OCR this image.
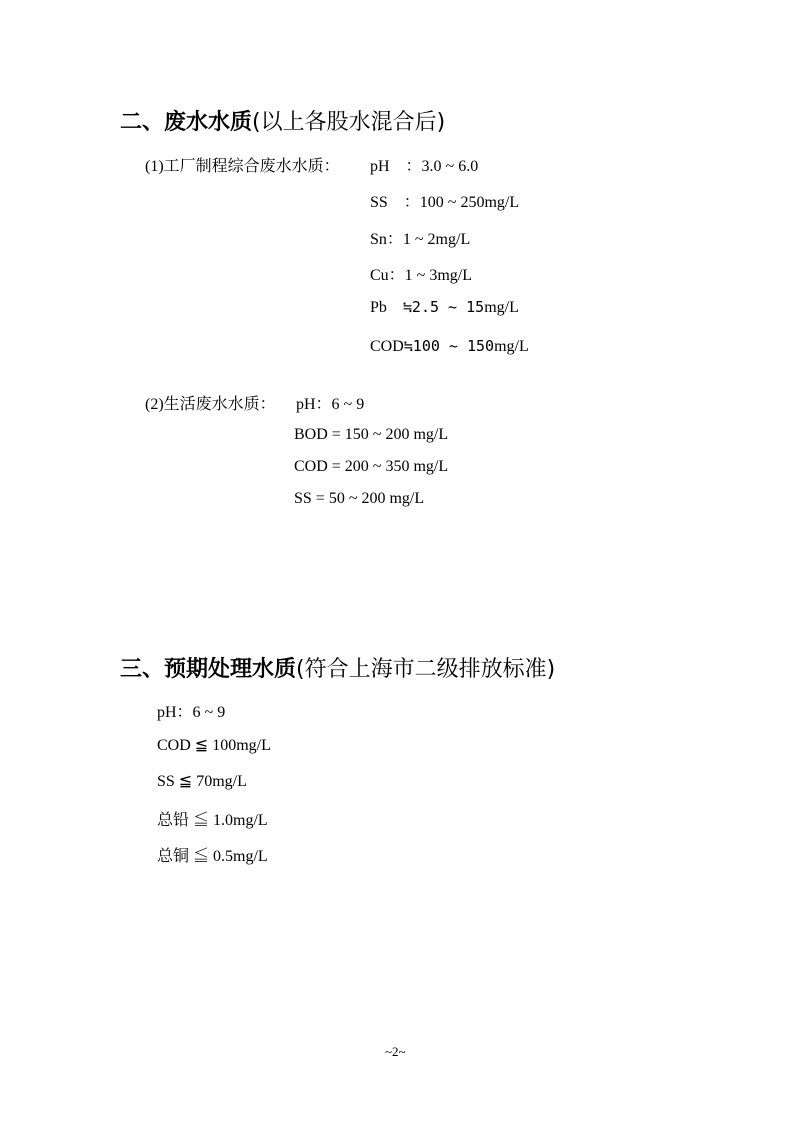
二、废水水质(以上各股水混合后)
(1)工厂制程综合废水水质： pH　：3.0 ~ 6.0
SS　：100 ~ 250mg/L
Sn：1 ~ 2mg/L
Cu：1 ~ 3mg/L
Pb ≒2.5 ~ 15mg/L
COD≒100 ~ 150mg/L
(2)生活废水水质： pH：6 ~ 9
BOD = 150 ~ 200 mg/L
COD = 200 ~ 350 mg/L
SS = 50 ~ 200 mg/L
三、预期处理水质(符合上海市二级排放标准)
pH：6 ~ 9
COD ≦ 100mg/L
SS ≦ 70mg/L
总铅 ≦ 1.0mg/L
总铜 ≦ 0.5mg/L
~2~
